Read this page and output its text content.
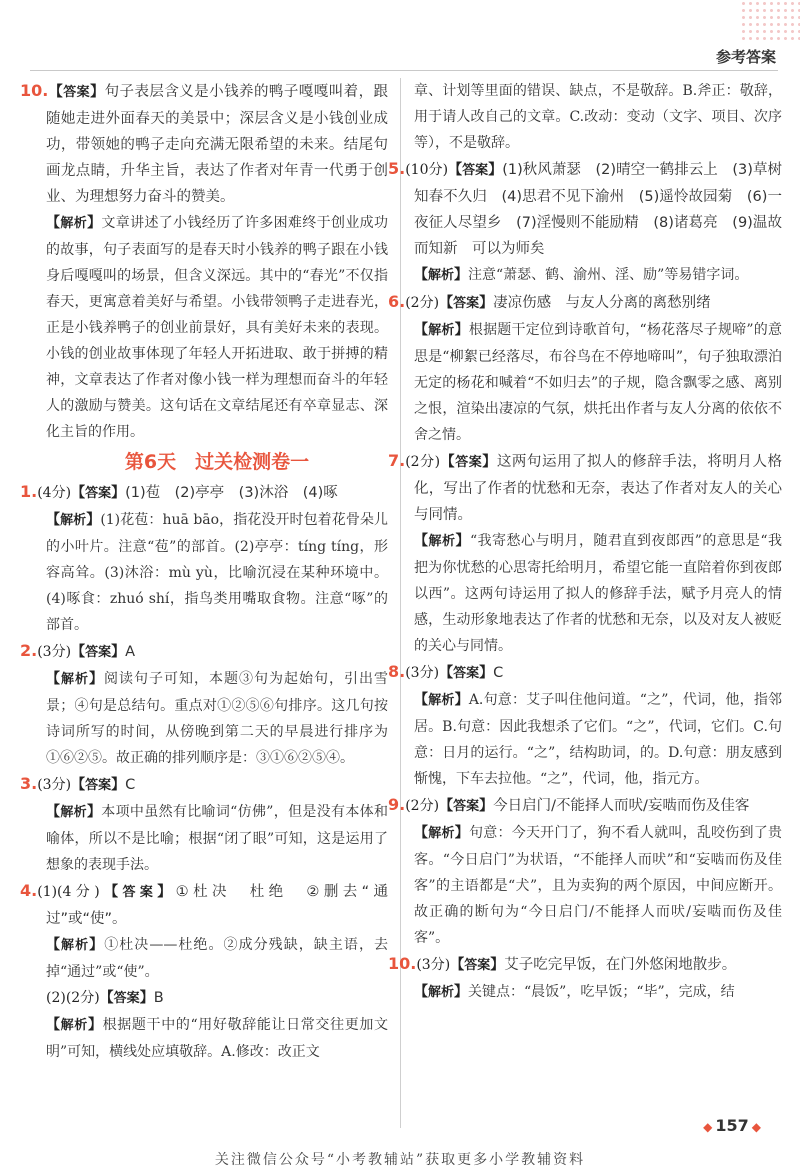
参考答案

10.【答案】句子表层含义是小钱养的鸭子嘎嘎叫着，跟随她走进外面春天的美景中；深层含义是小钱创业成功，带领她的鸭子走向充满无限希望的未来。结尾句画龙点睛，升华主旨，表达了作者对年青一代勇于创业、为理想努力奋斗的赞美。

【解析】文章讲述了小钱经历了许多困难终于创业成功的故事，句子表面写的是春天时小钱养的鸭子跟在小钱身后嘎嘎叫的场景，但含义深远。其中的“春光”不仅指春天，更寓意着美好与希望。小钱带领鸭子走进春光，正是小钱养鸭子的创业前景好，具有美好未来的表现。小钱的创业故事体现了年轻人开拓进取、敢于拼搏的精神，文章表达了作者对像小钱一样为理想而奋斗的年轻人的激励与赞美。这句话在文章结尾还有卒章显志、深化主旨的作用。

第6天　过关检测卷一

1.(4分)【答案】(1)苞　(2)亭亭　(3)沐浴　(4)啄

【解析】(1)花苞：huā bāo，指花没开时包着花骨朵儿的小叶片。注意“苞”的部首。(2)亭亭：tíng tíng，形容高耸。(3)沐浴：mù yù，比喻沉浸在某种环境中。(4)啄食：zhuó shí，指鸟类用嘴取食物。注意“啄”的部首。

2.(3分)【答案】A

【解析】阅读句子可知，本题③句为起始句，引出雪景；④句是总结句。重点对①②⑤⑥句排序。这几句按诗词所写的时间，从傍晚到第二天的早晨进行排序为①⑥②⑤。故正确的排列顺序是：③①⑥②⑤④。

3.(3分)【答案】C

【解析】本项中虽然有比喻词“仿佛”，但是没有本体和喻体，所以不是比喻；根据“闭了眼”可知，这是运用了想象的表现手法。

4.(1)(4分)【答案】①杜决　杜绝　②删去“通过”或“使”。

【解析】①杜决——杜绝。②成分残缺，缺主语，去掉“通过”或“使”。

(2)(2分)【答案】B

【解析】根据题干中的“用好敬辞能让日常交往更加文明”可知，横线处应填敬辞。A.修改：改正文

章、计划等里面的错误、缺点，不是敬辞。B.斧正：敬辞，用于请人改自己的文章。C.改动：变动（文字、项目、次序等），不是敬辞。

5.(10分)【答案】(1)秋风萧瑟　(2)晴空一鹤排云上　(3)草树知春不久归　(4)思君不见下渝州　(5)遥怜故园菊　(6)一夜征人尽望乡　(7)淫慢则不能励精　(8)诸葛亮　(9)温故而知新　可以为师矣

【解析】注意“萧瑟、鹤、渝州、淫、励”等易错字词。

6.(2分)【答案】凄凉伤感　与友人分离的离愁别绪

【解析】根据题干定位到诗歌首句，“杨花落尽子规啼”的意思是“柳絮已经落尽，布谷鸟在不停地啼叫”，句子独取漂泊无定的杨花和喊着“不如归去”的子规，隐含飘零之感、离别之恨，渲染出凄凉的气氛，烘托出作者与友人分离的依依不舍之情。

7.(2分)【答案】这两句运用了拟人的修辞手法，将明月人格化，写出了作者的忧愁和无奈，表达了作者对友人的关心与同情。

【解析】“我寄愁心与明月，随君直到夜郎西”的意思是“我把为你忧愁的心思寄托给明月，希望它能一直陪着你到夜郎以西”。这两句诗运用了拟人的修辞手法，赋予月亮人的情感，生动形象地表达了作者的忧愁和无奈，以及对友人被贬的关心与同情。

8.(3分)【答案】C

【解析】A.句意：艾子叫住他问道。“之”，代词，他，指邻居。B.句意：因此我想杀了它们。“之”，代词，它们。C.句意：日月的运行。“之”，结构助词，的。D.句意：朋友感到惭愧，下车去拉他。“之”，代词，他，指元方。

9.(2分)【答案】今日启门/不能择人而吠/妄啮而伤及佳客

【解析】句意：今天开门了，狗不看人就叫，乱咬伤到了贵客。“今日启门”为状语，“不能择人而吠”和“妄啮而伤及佳客”的主语都是“犬”，且为卖狗的两个原因，中间应断开。故正确的断句为“今日启门/不能择人而吠/妄啮而伤及佳客”。

10.(3分)【答案】艾子吃完早饭，在门外悠闲地散步。

【解析】关键点：“晨饭”，吃早饭；“毕”，完成，结

◆ 157 ◆
关注微信公众号“小考教辅站”获取更多小学教辅资料
